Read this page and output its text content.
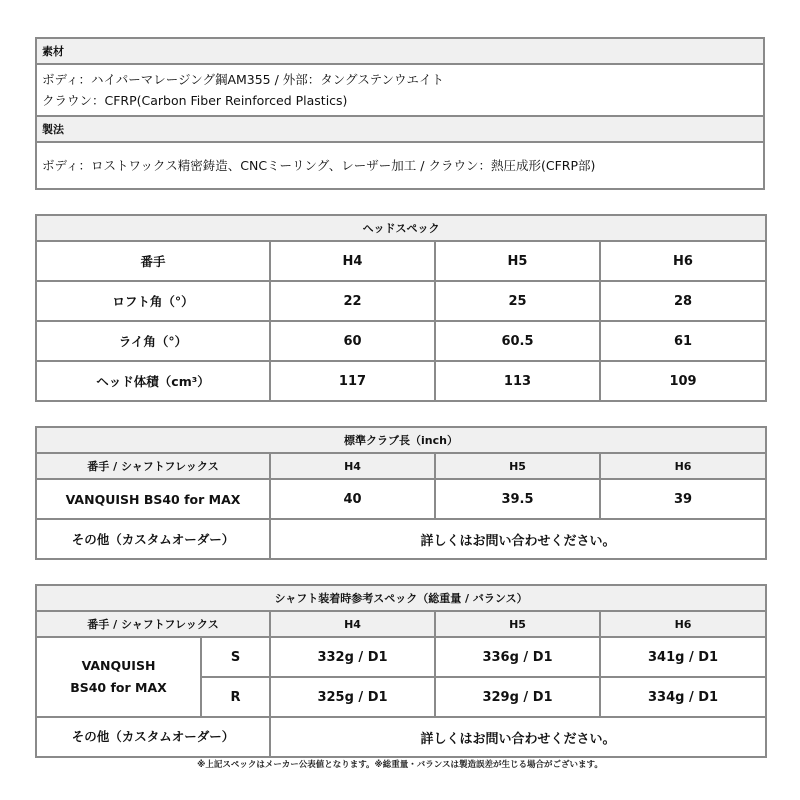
素材

ボディ：ハイパーマレージング鋼AM355 / 外部：タングステンウエイト
クラウン：CFRP(Carbon Fiber Reinforced Plastics)

製法

ボディ：ロストワックス精密鋳造、CNCミーリング、レーザー加工 / クラウン：熱圧成形(CFRP部)
ヘッドスペック			
番手	H4	H5	H6
ロフト角（°）	22	25	28
ライ角（°）	60	60.5	61
ヘッド体積（cm³）	117	113	109
標準クラブ長（inch）			
番手 / シャフトフレックス	H4	H5	H6
VANQUISH BS40 for MAX	40	39.5	39
その他（カスタムオーダー）	詳しくはお問い合わせください。		
シャフト装着時参考スペック（総重量 / バランス）				
番手 / シャフトフレックス		H4	H5	H6

VANQUISH
BS40 for MAX	S	332g / D1	336g / D1	341g / D1
	R	325g / D1	329g / D1	334g / D1
その他（カスタムオーダー）		詳しくはお問い合わせください。		
※上記スペックはメーカー公表値となります。※総重量・バランスは製造誤差が生じる場合がございます。
